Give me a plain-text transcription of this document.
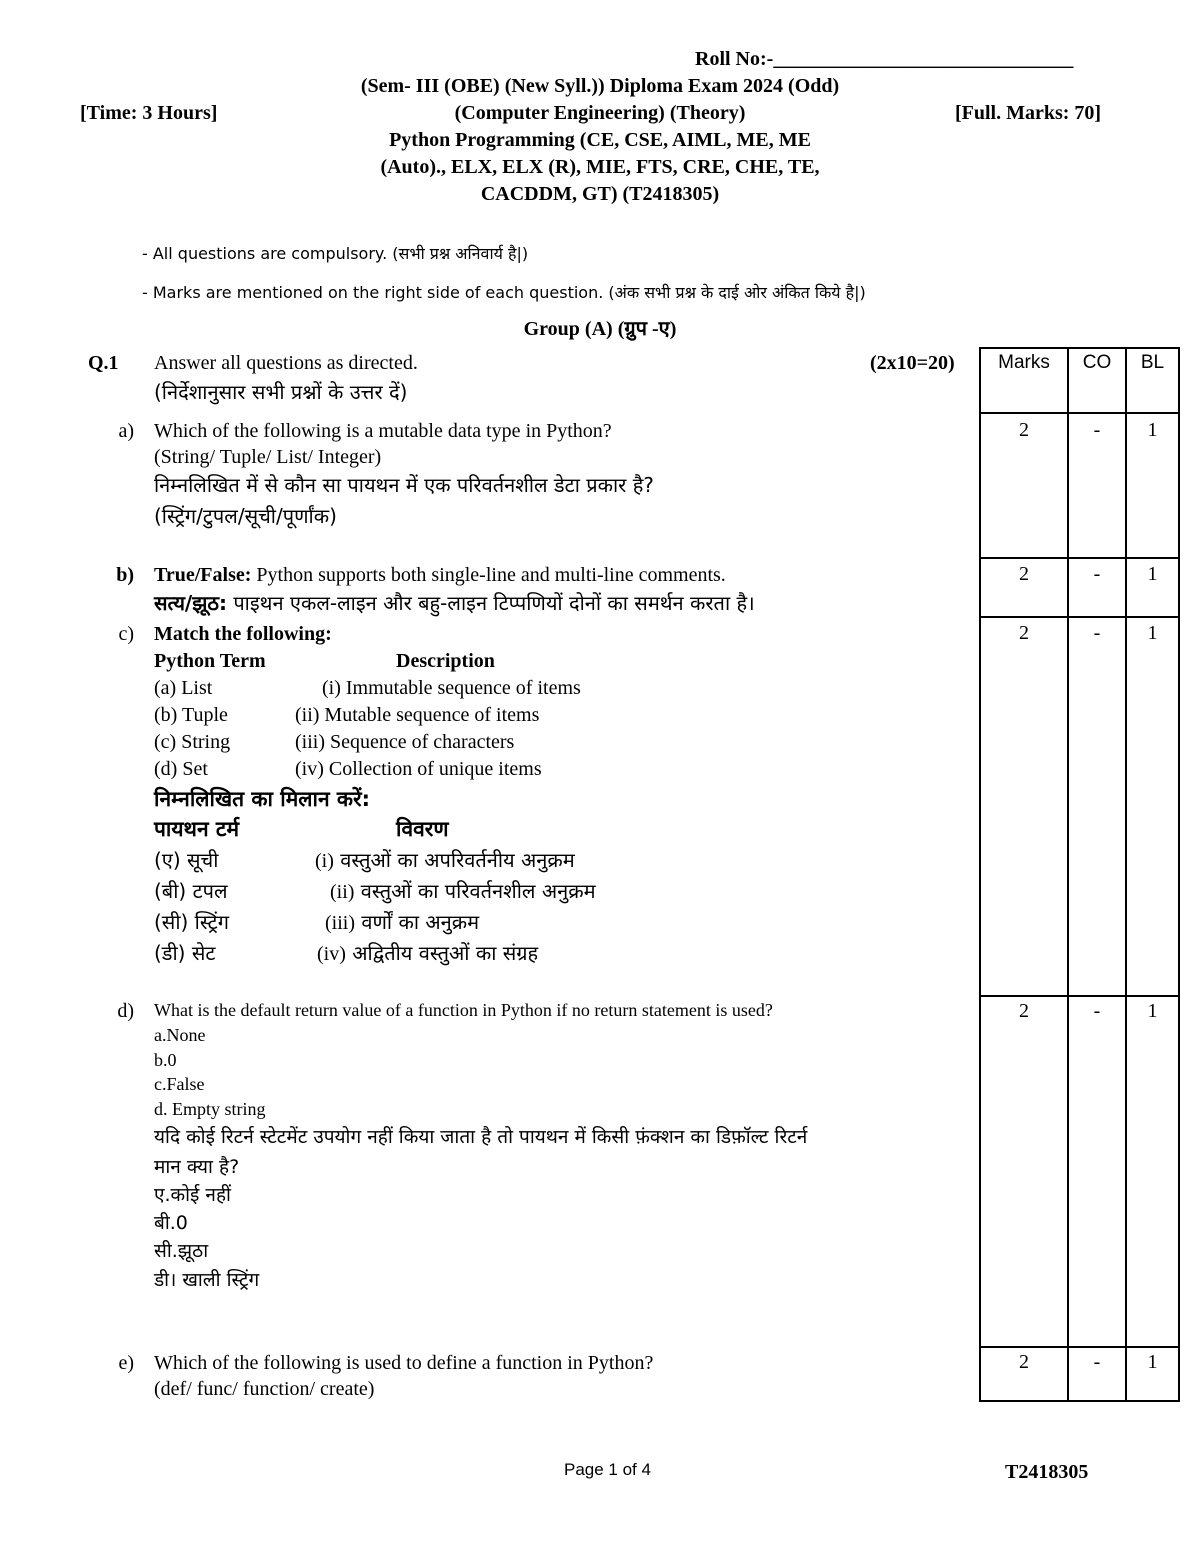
Roll No:-______________________________
(Sem- III (OBE) (New Syll.)) Diploma Exam 2024 (Odd)
[Time: 3 Hours]	(Computer Engineering) (Theory)	[Full. Marks: 70]
Python Programming (CE, CSE, AIML, ME, ME
(Auto)., ELX, ELX (R), MIE, FTS, CRE, CHE, TE,
CACDDM, GT) (T2418305)
- All questions are compulsory. (सभी प्रश्न अनिवार्य है|)
- Marks are mentioned on the right side of each question. (अंक सभी प्रश्न के दाई ओर अंकित किये है|)
Group (A) (ग्रुप -ए)
Q.1 Answer all questions as directed.
(निर्देशानुसार सभी प्रश्नों के उत्तर दें)
(2x10=20)
a) Which of the following is a mutable data type in Python?
(String/ Tuple/ List/ Integer)
निम्नलिखित में से कौन सा पायथन में एक परिवर्तनशील डेटा प्रकार है?
(स्ट्रिंग/टुपल/सूची/पूर्णांक)
b) True/False: Python supports both single-line and multi-line comments.
सत्य/झूठ: पाइथन एकल-लाइन और बहु-लाइन टिप्पणियों दोनों का समर्थन करता है।
c) Match the following:
Python Term	Description
(a) List	(i) Immutable sequence of items
(b) Tuple	(ii) Mutable sequence of items
(c) String	(iii) Sequence of characters
(d) Set	(iv) Collection of unique items
निम्नलिखित का मिलान करें:
पायथन टर्म	विवरण
(ए) सूची	(i) वस्तुओं का अपरिवर्तनीय अनुक्रम
(बी) टपल	(ii) वस्तुओं का परिवर्तनशील अनुक्रम
(सी) स्ट्रिंग	(iii) वर्णों का अनुक्रम
(डी) सेट	(iv) अद्वितीय वस्तुओं का संग्रह
d) What is the default return value of a function in Python if no return statement is used?
a.None
b.0
c.False
d. Empty string
यदि कोई रिटर्न स्टेटमेंट उपयोग नहीं किया जाता है तो पायथन में किसी फ़ंक्शन का डिफ़ॉल्ट रिटर्न
मान क्या है?
ए.कोई नहीं
बी.0
सी.झूठा
डी। खाली स्ट्रिंग
e) Which of the following is used to define a function in Python?
(def/ func/ function/ create)
Marks	CO	BL
2	-	1
2	-	1
2	-	1
2	-	1
2	-	1
Page 1 of 4	T2418305
